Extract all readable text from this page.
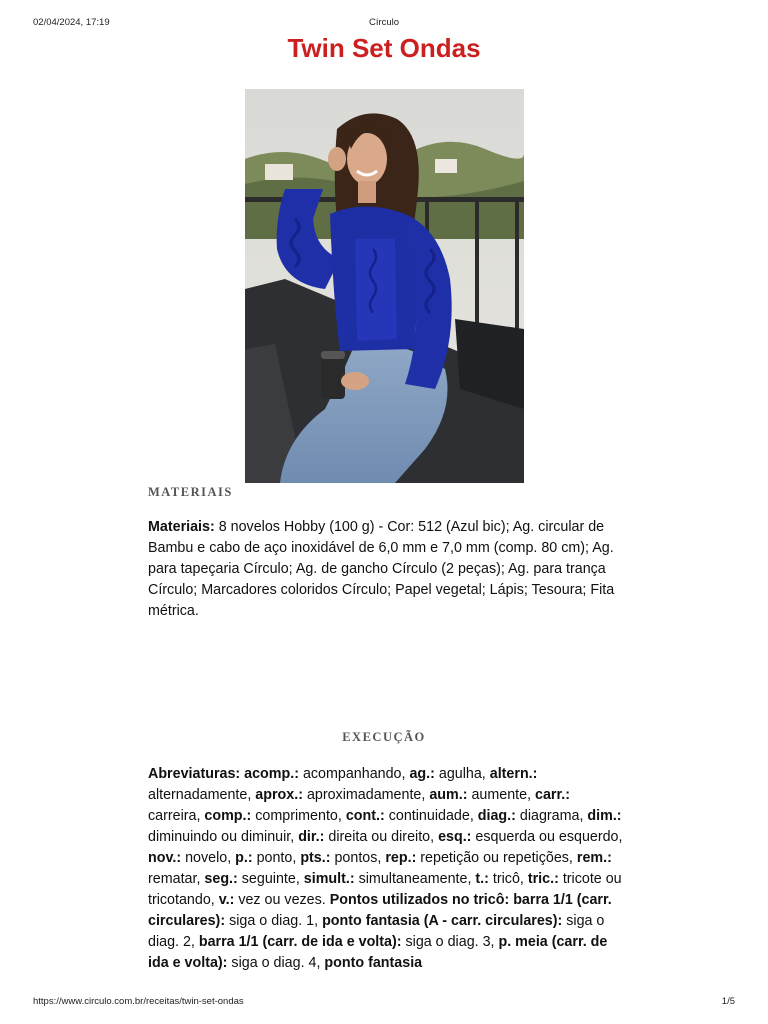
02/04/2024, 17:19	Círculo
Twin Set Ondas
MATERIAIS

Materiais: 8 novelos Hobby (100 g) - Cor: 512 (Azul bic); Ag. circular de Bambu e cabo de aço inoxidável de 6,0 mm e 7,0 mm (comp. 80 cm); Ag. para tapeçaria Círculo; Ag. de gancho Círculo (2 peças); Ag. para trança Círculo; Marcadores coloridos Círculo; Papel vegetal; Lápis; Tesoura; Fita métrica.

EXECUÇÃO

Abreviaturas: acomp.: acompanhando, ag.: agulha, altern.: alternadamente, aprox.: aproximadamente, aum.: aumente, carr.: carreira, comp.: comprimento, cont.: continuidade, diag.: diagrama, dim.: diminuindo ou diminuir, dir.: direita ou direito, esq.: esquerda ou esquerdo, nov.: novelo, p.: ponto, pts.: pontos, rep.: repetição ou repetições, rem.: rematar, seg.: seguinte, simult.: simultaneamente, t.: tricô, tric.: tricote ou tricotando, v.: vez ou vezes. Pontos utilizados no tricô: barra 1/1 (carr. circulares): siga o diag. 1, ponto fantasia (A - carr. circulares): siga o diag. 2, barra 1/1 (carr. de ida e volta): siga o diag. 3, p. meia (carr. de ida e volta): siga o diag. 4, ponto fantasia

https://www.circulo.com.br/receitas/twin-set-ondas	1/5
